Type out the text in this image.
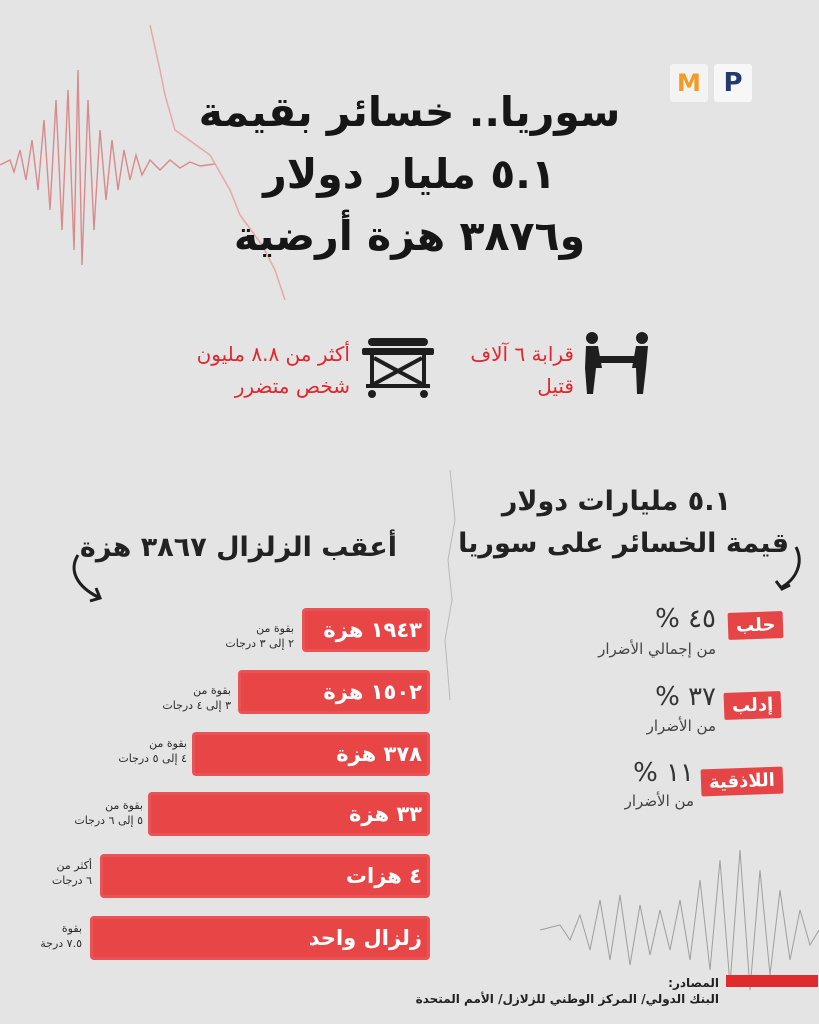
M P
سوريا.. خسائر بقيمة
٥.١ مليار دولار
و٣٨٧٦ هزة أرضية
قرابة ٦ آلاف
قتيل
أكثر من ٨.٨ مليون
شخص متضرر
٥.١ مليارات دولار
قيمة الخسائر على سوريا
حلب
٤٥ %
من إجمالي الأضرار
إدلب
٣٧ %
من الأضرار
اللاذقية
١١ %
من الأضرار
أعقب الزلزال ٣٨٦٧ هزة
١٩٤٣ هزة
بقوة من
٢ إلى ٣ درجات
١٥٠٢ هزة
بقوة من
٣ إلى ٤ درجات
٣٧٨ هزة
بقوة من
٤ إلى ٥ درجات
٣٣ هزة
بقوة من
٥ إلى ٦ درجات
٤ هزات
أكثر من
٦ درجات
زلزال واحد
بقوة
٧.٥ درجة
المصادر:
البنك الدولي/ المركز الوطني للزلازل/ الأمم المتحدة
